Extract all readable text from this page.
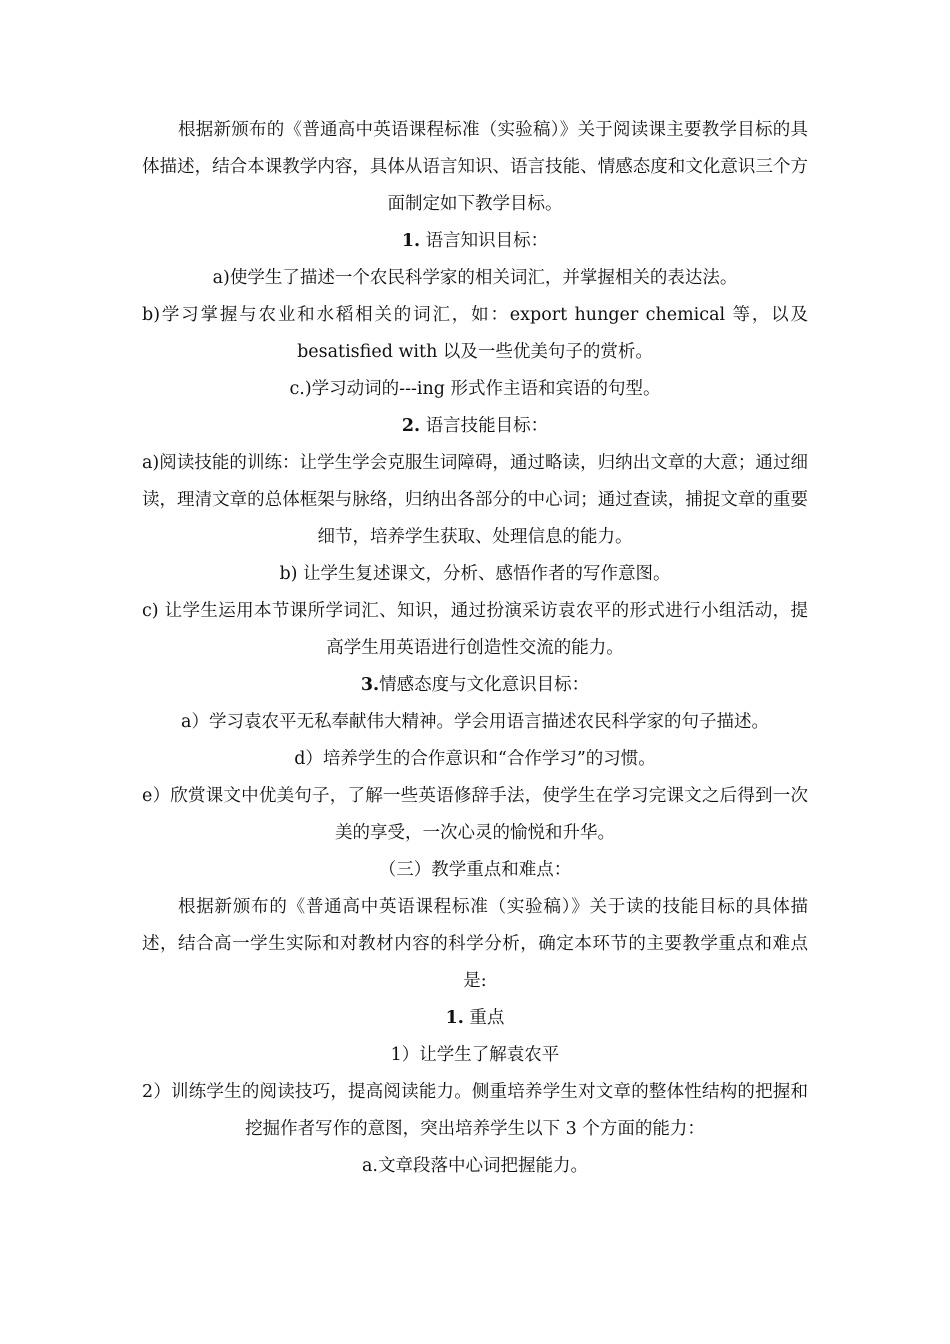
根据新颁布的《普通高中英语课程标准（实验稿）》关于阅读课主要教学目标的具体描述，结合本课教学内容，具体从语言知识、语言技能、情感态度和文化意识三个方面制定如下教学目标。

1. 语言知识目标：

a)使学生了描述一个农民科学家的相关词汇，并掌握相关的表达法。

b)学习掌握与农业和水稻相关的词汇，如：export hunger chemical 等，以及besatisfied with 以及一些优美句子的赏析。

c.)学习动词的---ing 形式作主语和宾语的句型。

2. 语言技能目标：

a)阅读技能的训练：让学生学会克服生词障碍，通过略读，归纳出文章的大意；通过细读，理清文章的总体框架与脉络，归纳出各部分的中心词；通过查读，捕捉文章的重要细节，培养学生获取、处理信息的能力。

b) 让学生复述课文，分析、感悟作者的写作意图。

c) 让学生运用本节课所学词汇、知识，通过扮演采访袁农平的形式进行小组活动，提高学生用英语进行创造性交流的能力。

3.情感态度与文化意识目标：

a）学习袁农平无私奉献伟大精神。学会用语言描述农民科学家的句子描述。

d）培养学生的合作意识和“合作学习”的习惯。

e）欣赏课文中优美句子，了解一些英语修辞手法，使学生在学习完课文之后得到一次美的享受，一次心灵的愉悦和升华。

（三）教学重点和难点：

根据新颁布的《普通高中英语课程标准（实验稿）》关于读的技能目标的具体描述，结合高一学生实际和对教材内容的科学分析，确定本环节的主要教学重点和难点是:

1. 重点

1）让学生了解袁农平

2）训练学生的阅读技巧，提高阅读能力。侧重培养学生对文章的整体性结构的把握和挖掘作者写作的意图，突出培养学生以下 3 个方面的能力：

a.文章段落中心词把握能力。
